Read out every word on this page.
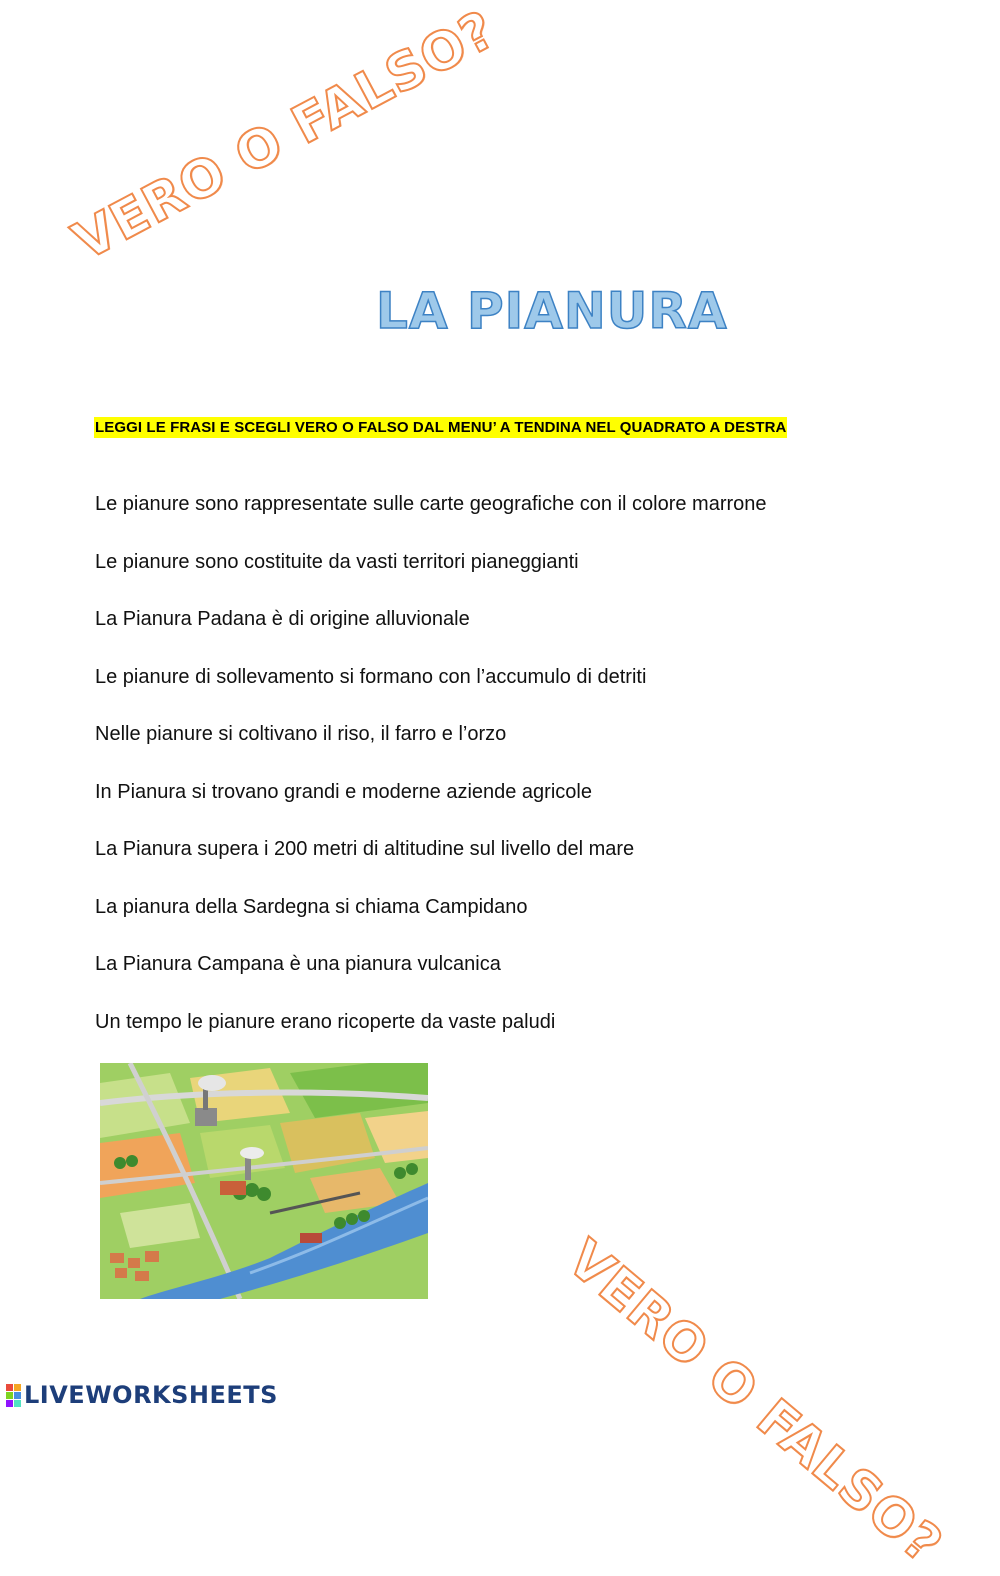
VERO O FALSO?
LA PIANURA
LEGGI LE FRASI E SCEGLI VERO O FALSO DAL MENU’ A TENDINA NEL QUADRATO A DESTRA
Le pianure sono rappresentate sulle carte geografiche con il colore marrone
Le pianure sono costituite da vasti territori pianeggianti
La Pianura Padana è di origine alluvionale
Le pianure di sollevamento si formano con l’accumulo di detriti
Nelle pianure si coltivano il riso, il farro e l’orzo
In Pianura si trovano grandi e moderne aziende agricole
La Pianura supera i 200 metri di altitudine sul livello del mare
La pianura della Sardegna si chiama Campidano
La Pianura Campana è una pianura vulcanica
Un tempo le pianure erano ricoperte da vaste paludi
VERO O FALSO?
LIVEWORKSHEETS
